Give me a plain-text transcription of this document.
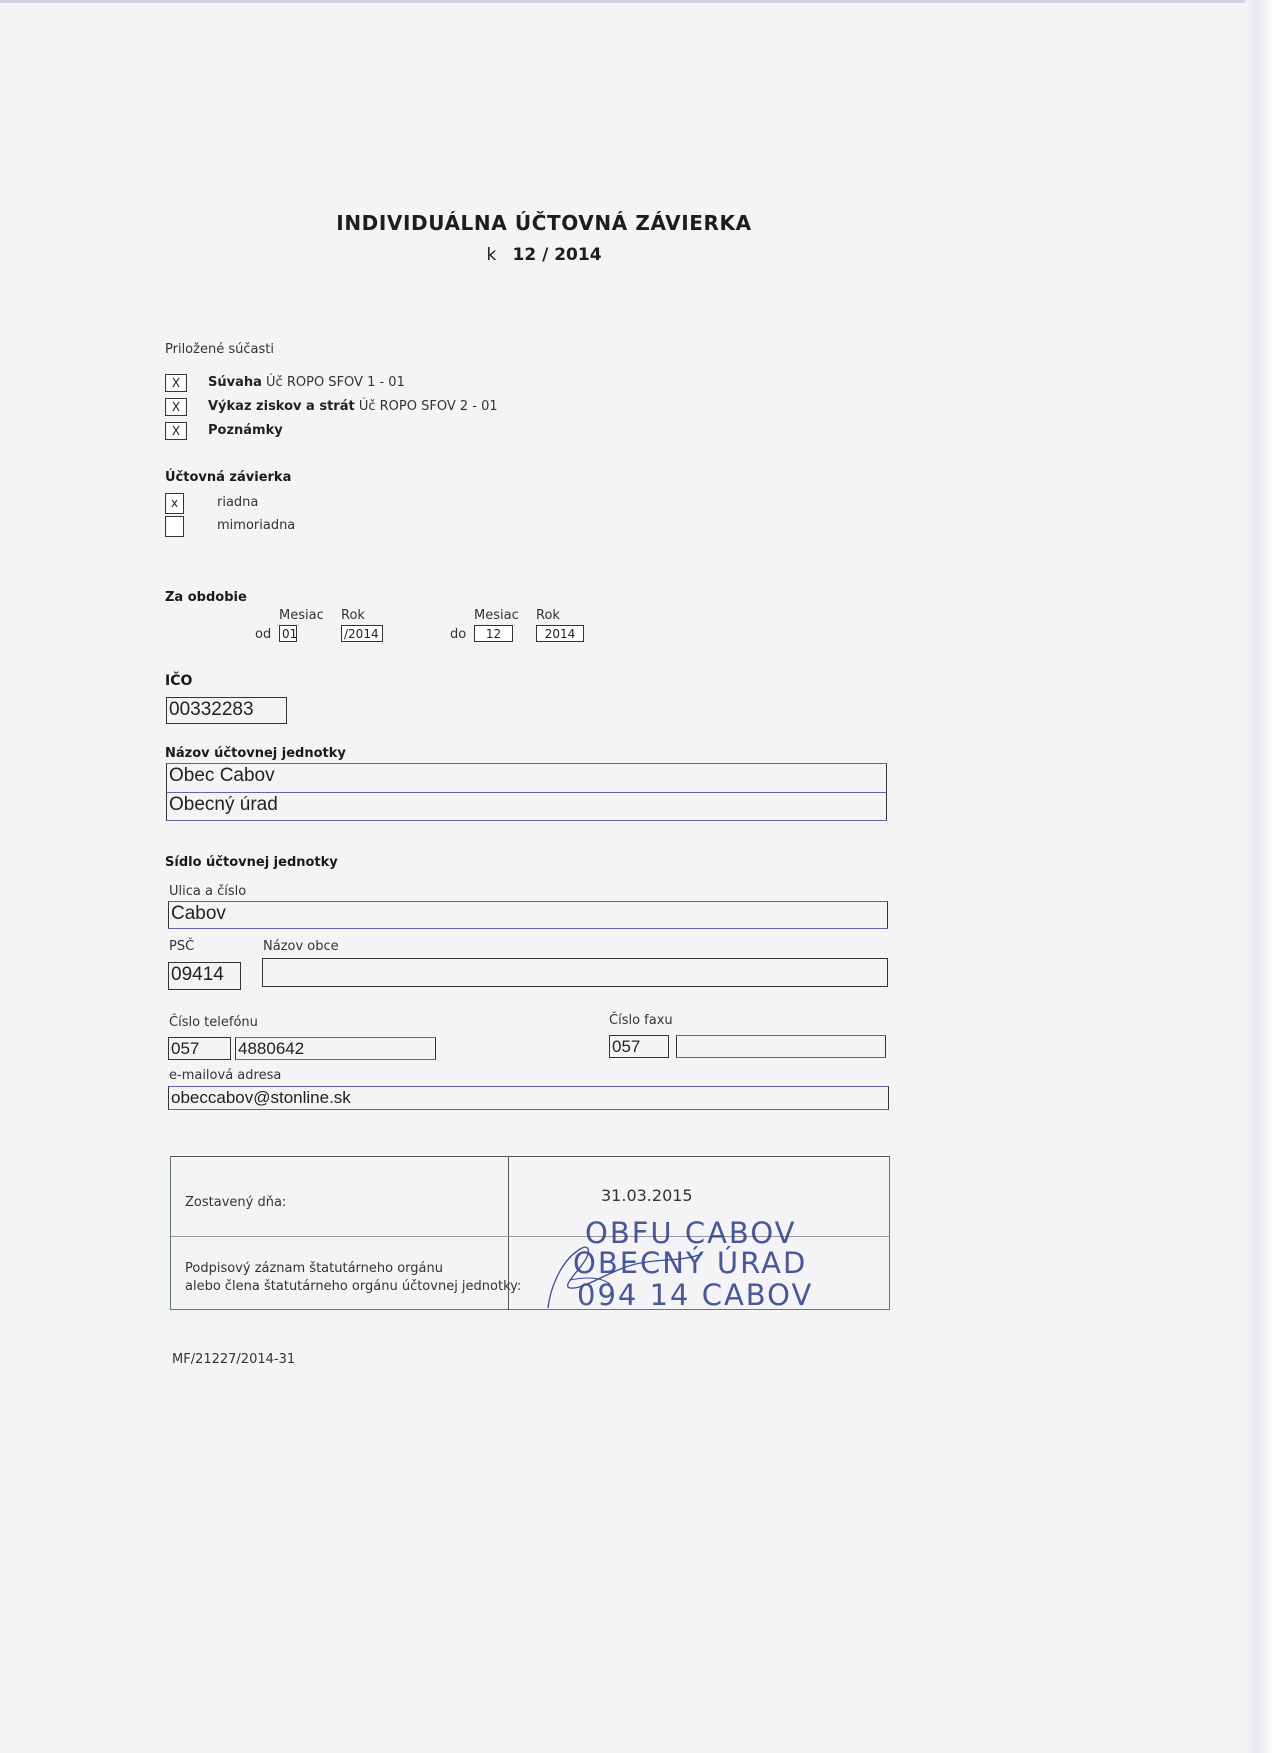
INDIVIDUÁLNA ÚČTOVNÁ ZÁVIERKA
k 12 / 2014
Priložené súčasti
X	Súvaha Úč ROPO SFOV 1 - 01
X	Výkaz ziskov a strát Úč ROPO SFOV 2 - 01
X	Poznámky
Účtovná závierka
x	riadna
mimoriadna
Za obdobie
Mesiac Rok	Mesiac Rok
od 01	/2014	do	12	2014
IČO
00332283
Názov účtovnej jednotky
Obec Cabov
Obecný úrad
Sídlo účtovnej jednotky
Ulica a číslo
Cabov
PSČ	Názov obce
09414
Číslo telefónu	Číslo faxu
057	4880642	057
e-mailová adresa
obeccabov@stonline.sk
Zostavený dňa:	31.03.2015
Podpisový záznam štatutárneho orgánu
alebo člena štatutárneho orgánu účtovnej jednotky:
OBFᑌ CABOV
OBECNÝ ÚRAD
094 14 CABOV
MF/21227/2014-31
